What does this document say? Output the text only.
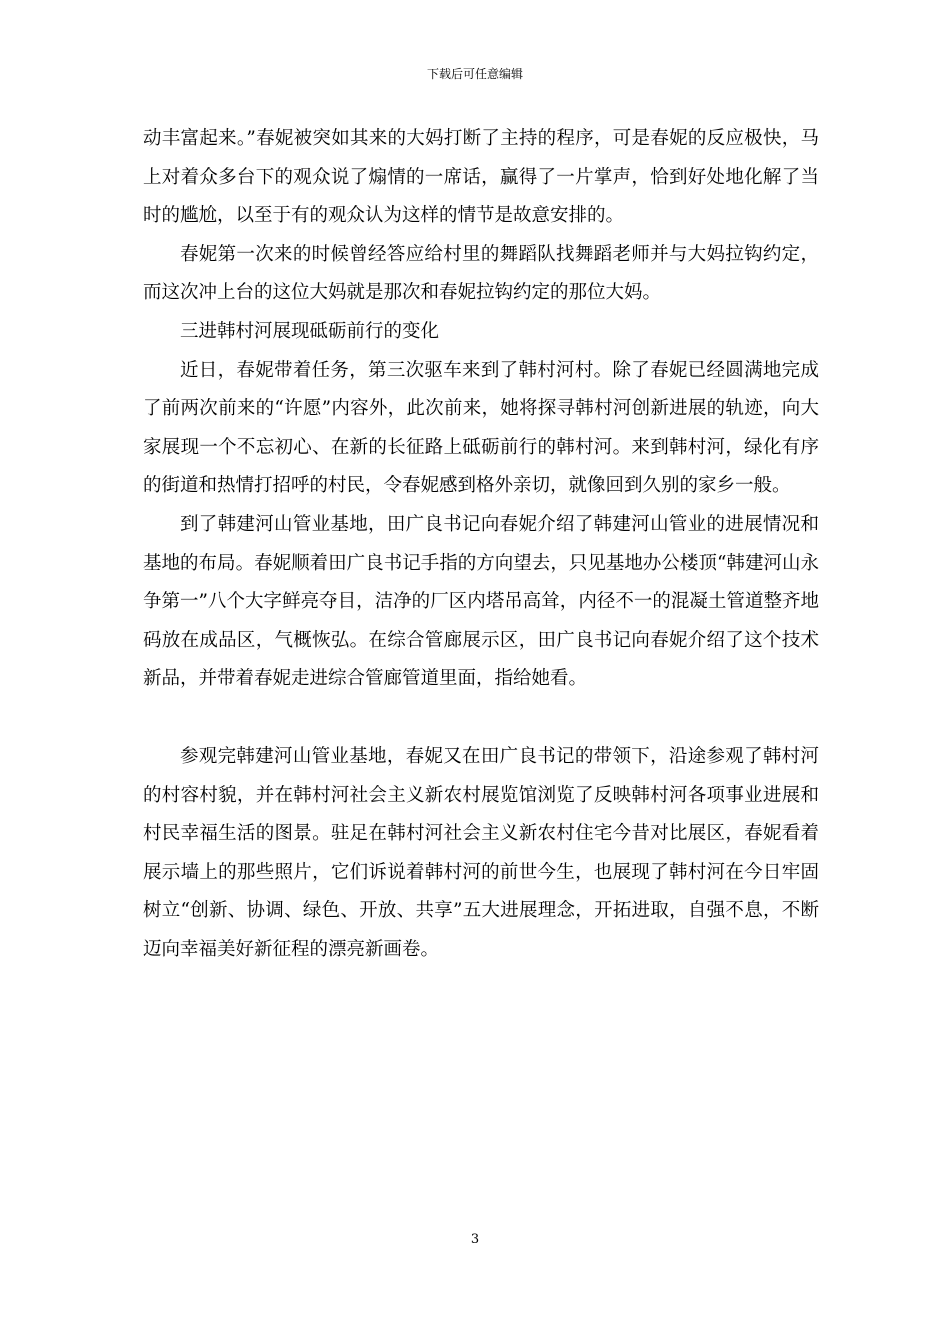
下载后可任意编辑

动丰富起来。”春妮被突如其来的大妈打断了主持的程序，可是春妮的反应极快，马上对着众多台下的观众说了煽情的一席话，赢得了一片掌声，恰到好处地化解了当时的尴尬，以至于有的观众认为这样的情节是故意安排的。

春妮第一次来的时候曾经答应给村里的舞蹈队找舞蹈老师并与大妈拉钩约定，而这次冲上台的这位大妈就是那次和春妮拉钩约定的那位大妈。

三进韩村河展现砥砺前行的变化

近日，春妮带着任务，第三次驱车来到了韩村河村。除了春妮已经圆满地完成了前两次前来的“许愿”内容外，此次前来，她将探寻韩村河创新进展的轨迹，向大家展现一个不忘初心、在新的长征路上砥砺前行的韩村河。来到韩村河，绿化有序的街道和热情打招呼的村民，令春妮感到格外亲切，就像回到久别的家乡一般。

到了韩建河山管业基地，田广良书记向春妮介绍了韩建河山管业的进展情况和基地的布局。春妮顺着田广良书记手指的方向望去，只见基地办公楼顶“韩建河山永争第一”八个大字鲜亮夺目，洁净的厂区内塔吊高耸，内径不一的混凝土管道整齐地码放在成品区，气概恢弘。在综合管廊展示区，田广良书记向春妮介绍了这个技术新品，并带着春妮走进综合管廊管道里面，指给她看。

参观完韩建河山管业基地，春妮又在田广良书记的带领下，沿途参观了韩村河的村容村貌，并在韩村河社会主义新农村展览馆浏览了反映韩村河各项事业进展和村民幸福生活的图景。驻足在韩村河社会主义新农村住宅今昔对比展区，春妮看着展示墙上的那些照片，它们诉说着韩村河的前世今生，也展现了韩村河在今日牢固树立“创新、协调、绿色、开放、共享”五大进展理念，开拓进取，自强不息，不断迈向幸福美好新征程的漂亮新画卷。

3
